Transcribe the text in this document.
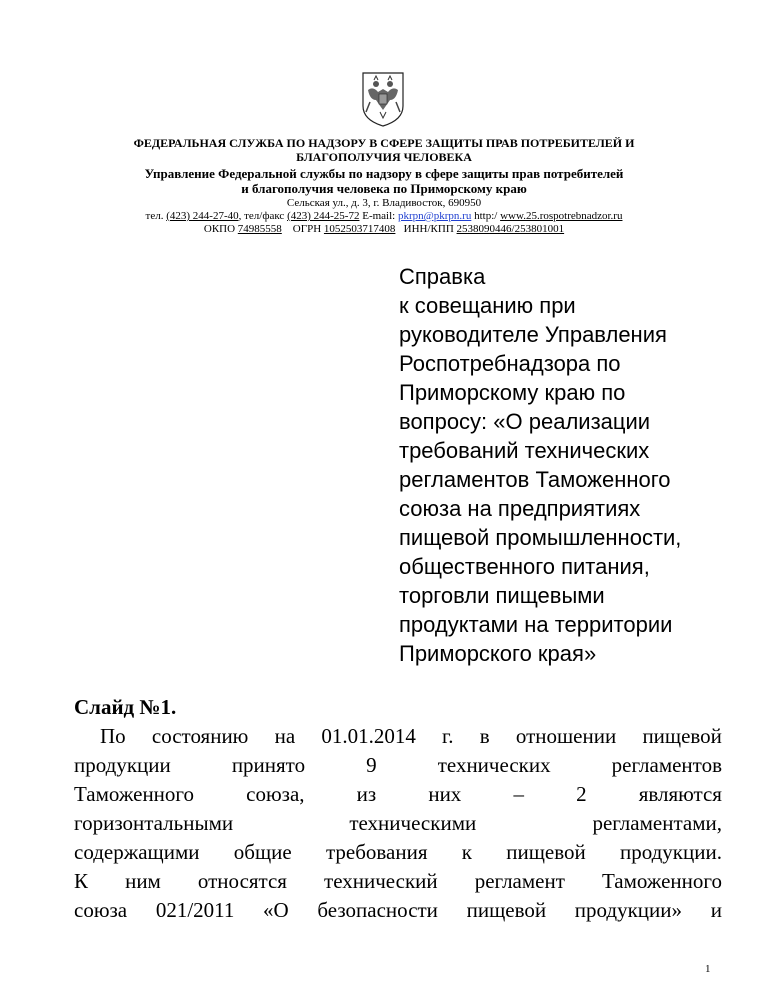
ФЕДЕРАЛЬНАЯ СЛУЖБА ПО НАДЗОРУ В СФЕРЕ ЗАЩИТЫ ПРАВ ПОТРЕБИТЕЛЕЙ И
БЛАГОПОЛУЧИЯ ЧЕЛОВЕКА
Управление Федеральной службы по надзору в сфере защиты прав потребителей
и благополучия человека по Приморскому краю
Сельская ул., д. 3, г. Владивосток, 690950
тел. (423) 244-27-40, тел/факс (423) 244-25-72 E-mail: pkrpn@pkrpn.ru http:/ www.25.rospotrebnadzor.ru
ОКПО 74985558 ОГРН 1052503717408 ИНН/КПП 2538090446/253801001
Справка
к совещанию при
руководителе Управления
Роспотребнадзора по
Приморскому краю по
вопросу: «О реализации
требований технических
регламентов Таможенного
союза на предприятиях
пищевой промышленности,
общественного питания,
торговли пищевыми
продуктами на территории
Приморского края»
Слайд №1.
По состоянию на 01.01.2014 г. в отношении пищевой
продукции	принято	9	технических	регламентов
Таможенного союза, из них – 2 являются
горизонтальными	техническими	регламентами,
содержащими общие требования к пищевой продукции.
К ним относятся технический регламент Таможенного
союза 021/2011 «О безопасности пищевой продукции» и
1
